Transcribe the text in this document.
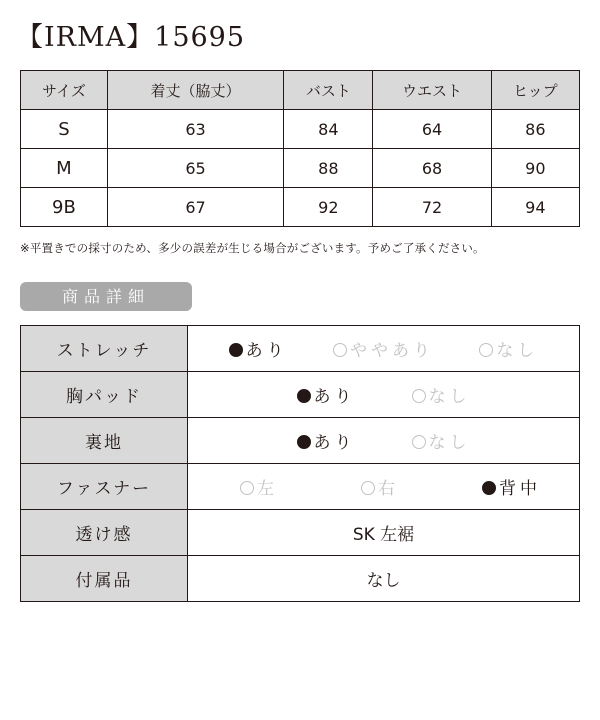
【IRMA】15695
サイズ	着丈（脇丈）	バスト	ウエスト	ヒップ
S	63	84	64	86
M	65	88	68	90
9B	67	92	72	94
※平置きでの採寸のため、多少の誤差が生じる場合がございます。予めご了承ください。
商品詳細
ストレッチ	あり ややあり なし

胸パッド	あり なし

裏地	あり なし

ファスナー	左 右 背中

透け感	SK 左裾
付属品	なし
